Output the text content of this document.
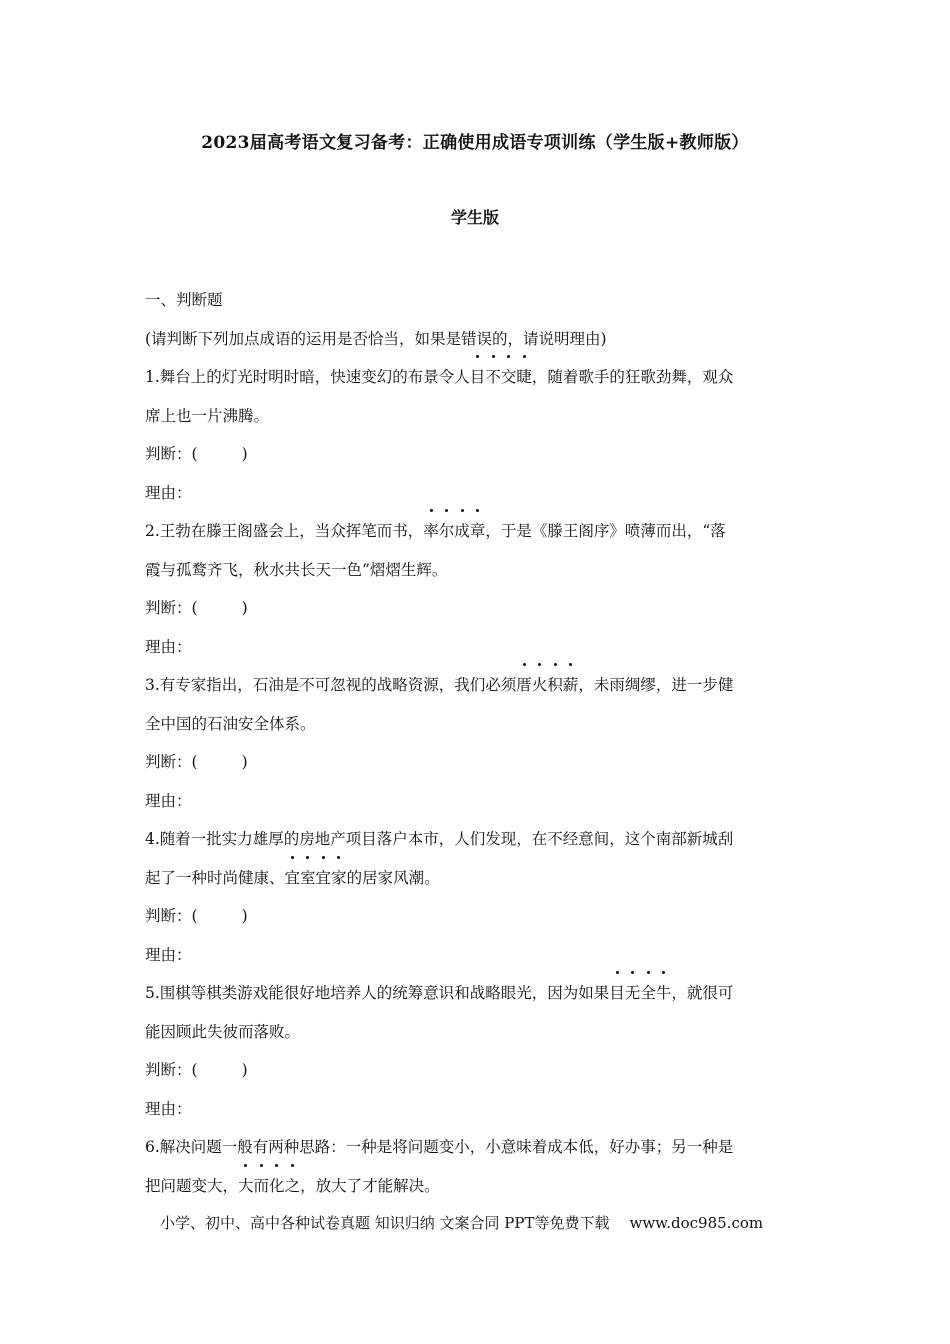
2023届高考语文复习备考：正确使用成语专项训练（学生版+教师版）
学生版
一、判断题
(请判断下列加点成语的运用是否恰当，如果是错误的，请说明理由)
1.舞台上的灯光时明时暗，快速变幻的布景令人目不交睫，随着歌手的狂歌劲舞，观众
席上也一片沸腾。
判断：(	)
理由：
2.王勃在滕王阁盛会上，当众挥笔而书，率尔成章，于是《滕王阁序》喷薄而出，“落
霞与孤鹜齐飞，秋水共长天一色”熠熠生辉。
判断：(	)
理由：
3.有专家指出，石油是不可忽视的战略资源，我们必须厝火积薪，未雨绸缪，进一步健
全中国的石油安全体系。
判断：(	)
理由：
4.随着一批实力雄厚的房地产项目落户本市，人们发现，在不经意间，这个南部新城刮
起了一种时尚健康、宜室宜家的居家风潮。
判断：(	)
理由：
5.围棋等棋类游戏能很好地培养人的统筹意识和战略眼光，因为如果目无全牛，就很可
能因顾此失彼而落败。
判断：(	)
理由：
6.解决问题一般有两种思路：一种是将问题变小，小意味着成本低，好办事；另一种是
把问题变大，大而化之，放大了才能解决。
小学、初中、高中各种试卷真题 知识归纳 文案合同 PPT等免费下载 www.doc985.com
